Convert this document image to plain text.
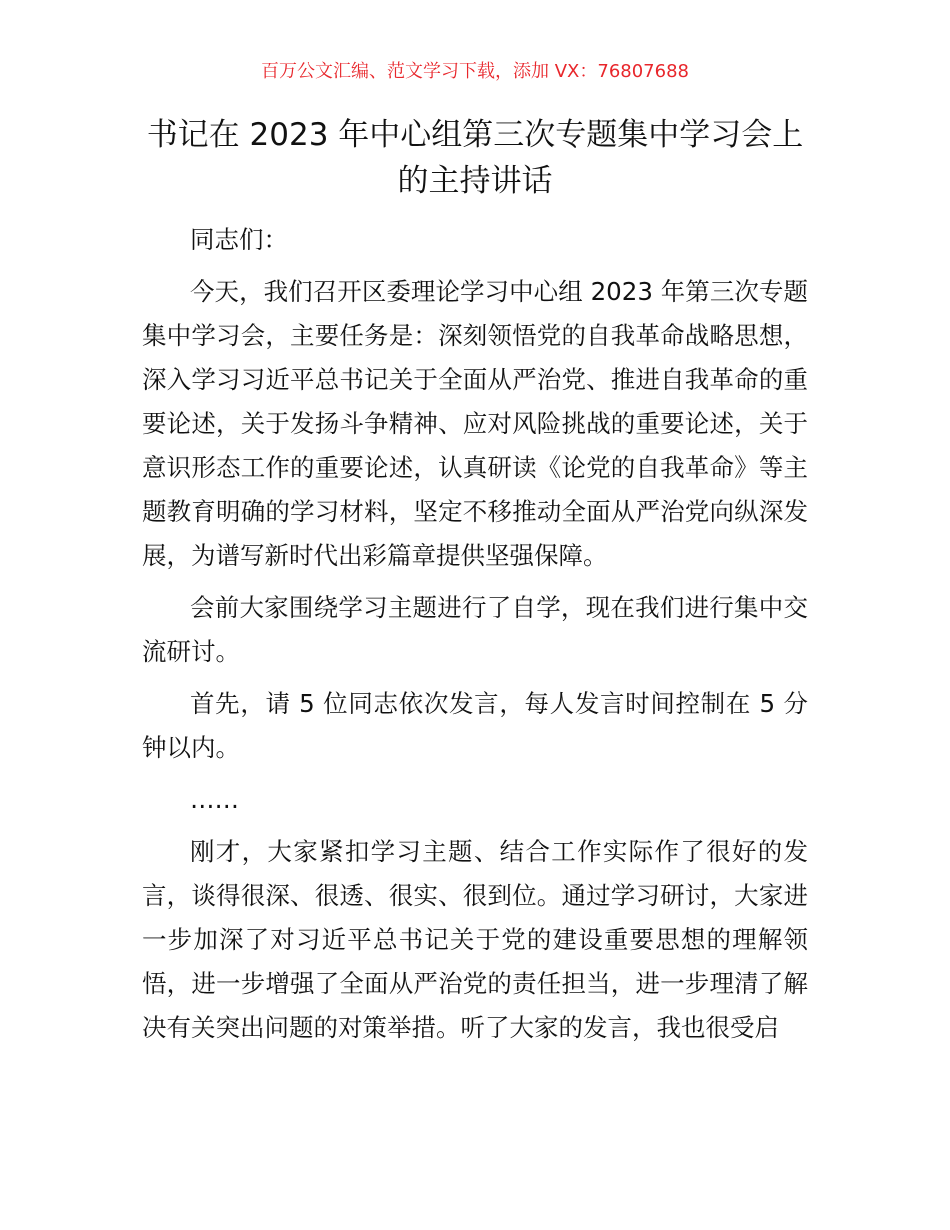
百万公文汇编、范文学习下载，添加 VX：76807688
书记在 2023 年中心组第三次专题集中学习会上
的主持讲话
同志们：
今天，我们召开区委理论学习中心组 2023 年第三次专题
集中学习会，主要任务是：深刻领悟党的自我革命战略思想，
深入学习习近平总书记关于全面从严治党、推进自我革命的重
要论述，关于发扬斗争精神、应对风险挑战的重要论述，关于
意识形态工作的重要论述，认真研读《论党的自我革命》等主
题教育明确的学习材料，坚定不移推动全面从严治党向纵深发
展，为谱写新时代出彩篇章提供坚强保障。
会前大家围绕学习主题进行了自学，现在我们进行集中交
流研讨。
首先，请 5 位同志依次发言，每人发言时间控制在 5 分
钟以内。
……
刚才，大家紧扣学习主题、结合工作实际作了很好的发
言，谈得很深、很透、很实、很到位。通过学习研讨，大家进
一步加深了对习近平总书记关于党的建设重要思想的理解领
悟，进一步增强了全面从严治党的责任担当，进一步理清了解
决有关突出问题的对策举措。听了大家的发言，我也很受启
